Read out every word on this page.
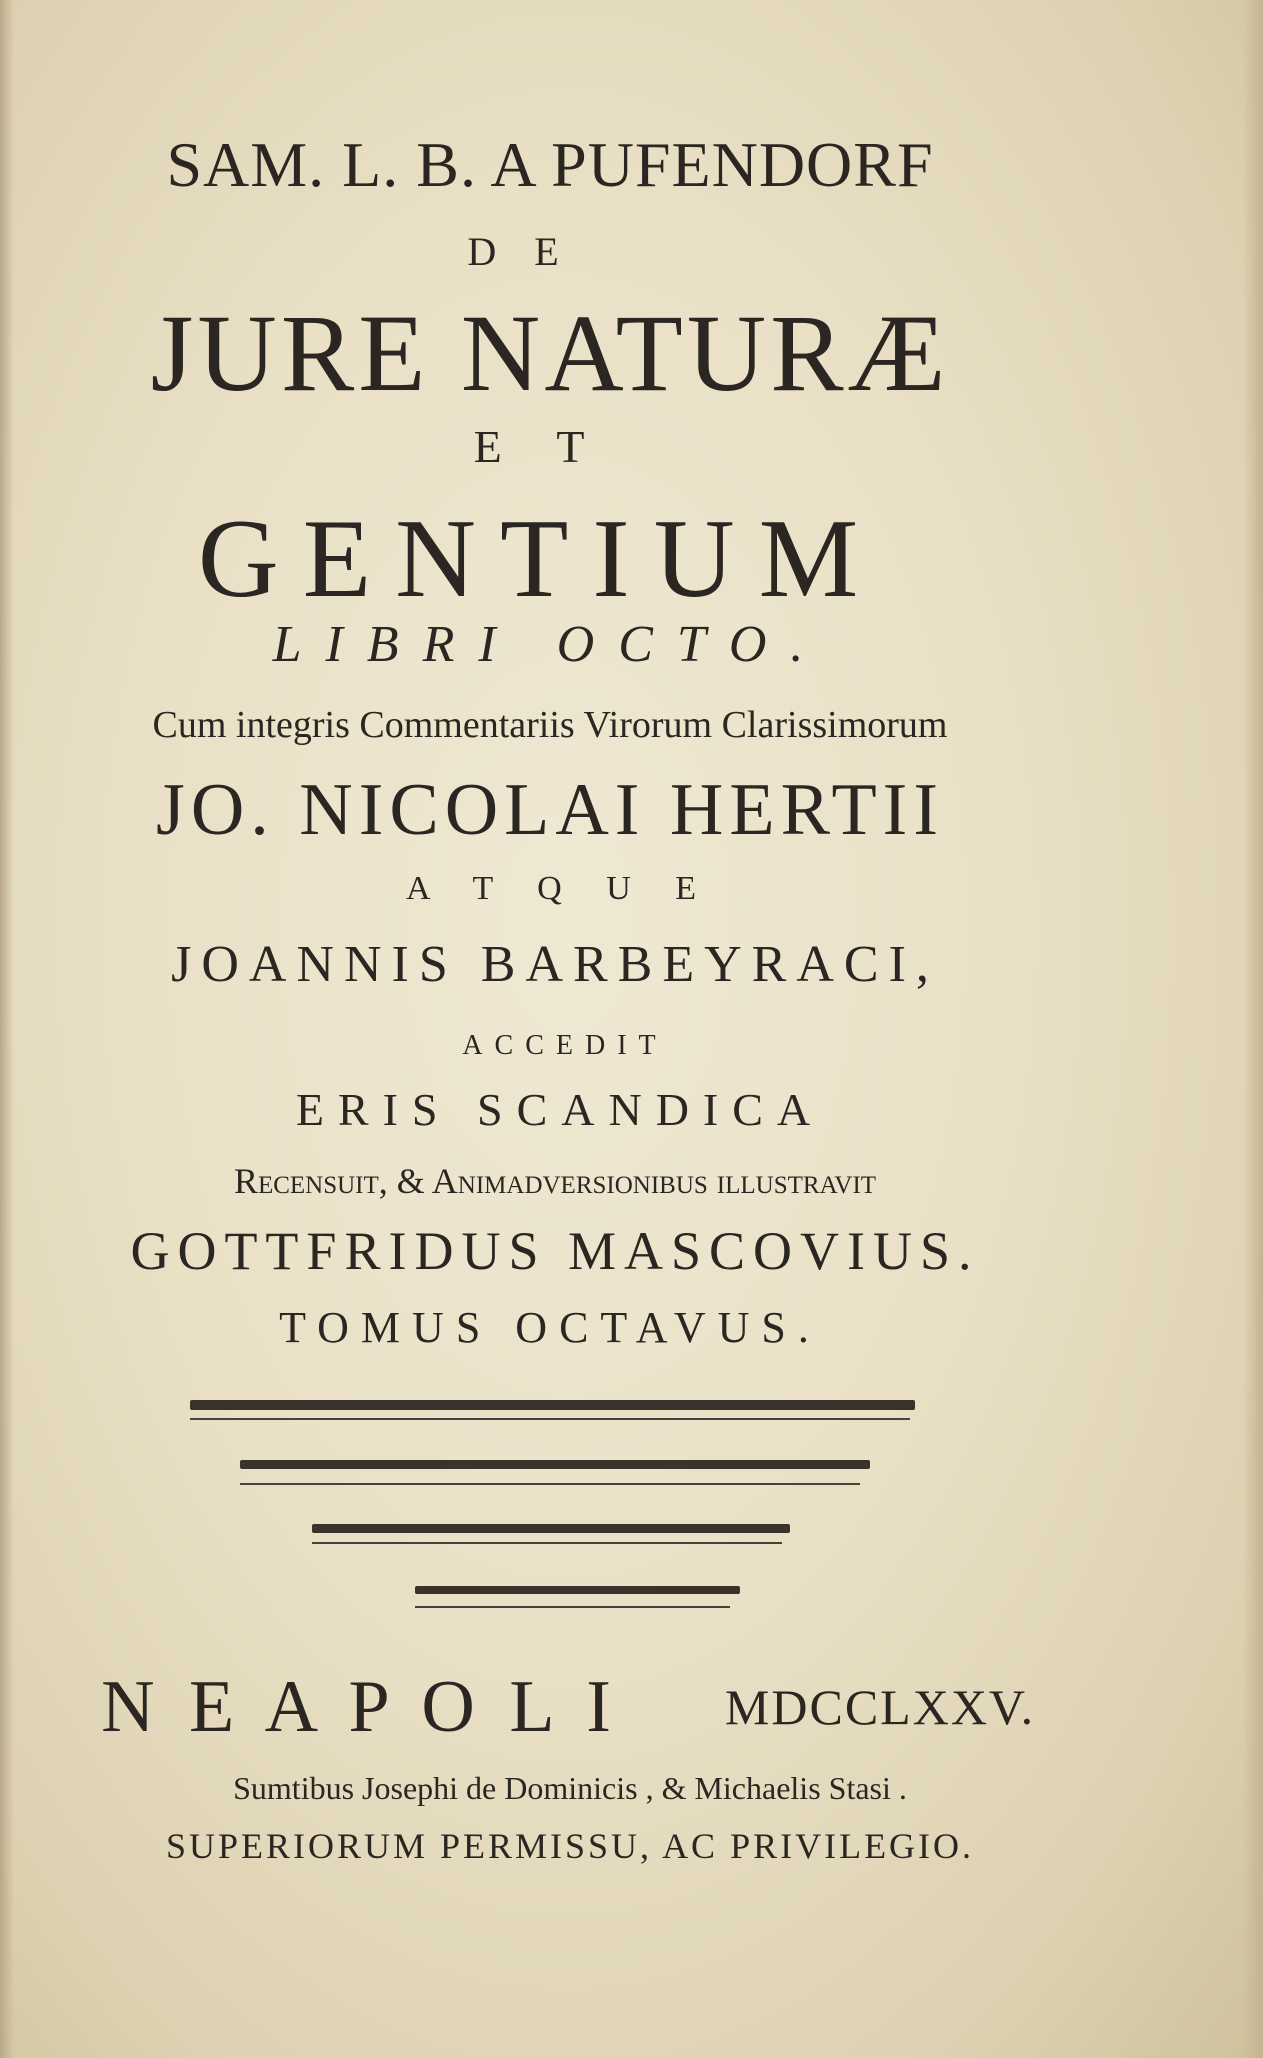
SAM. L. B. A PUFENDORF
D E
JURE NATURÆ
E T
GENTIUM
LIBRI OCTO.
Cum integris Commentariis Virorum Clarissimorum
JO. NICOLAI HERTII
A T Q U E
JOANNIS BARBEYRACI,
ACCEDIT
ERIS SCANDICA
Recensuit, & Animadversionibus illustravit
GOTTFRIDUS MASCOVIUS.
TOMUS OCTAVUS.
N E A P O L I	MDCCLXXV.
Sumtibus Josephi de Dominicis , & Michaelis Stasi .
SUPERIORUM PERMISSU, AC PRIVILEGIO.
